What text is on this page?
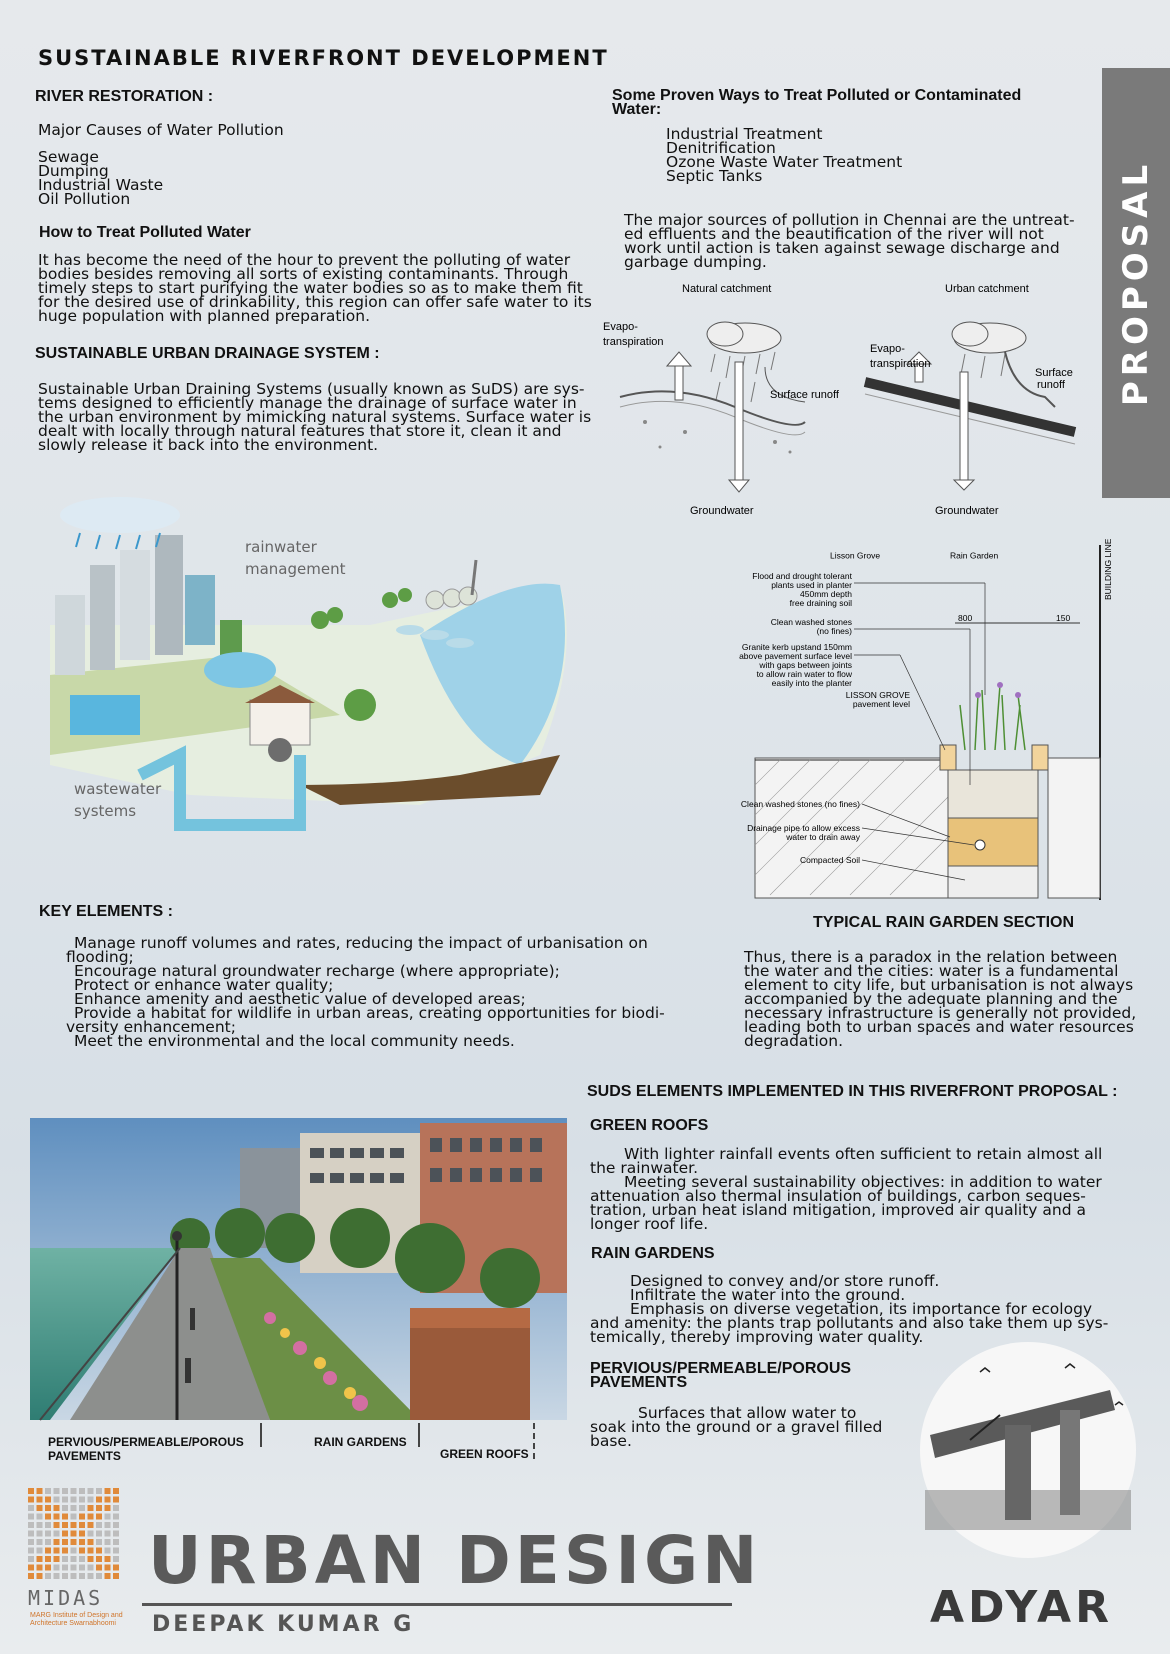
SUSTAINABLE RIVERFRONT DEVELOPMENT
PROPOSAL
RIVER RESTORATION :
Major Causes of Water Pollution
Sewage
Dumping
Industrial Waste
Oil Pollution
How to Treat Polluted Water
It has become the need of the hour to prevent the polluting of water
bodies besides removing all sorts of existing contaminants. Through
timely steps to start purifying the water bodies so as to make them fit
for the desired use of drinkability, this region can offer safe water to its
huge population with planned preparation.
SUSTAINABLE URBAN DRAINAGE SYSTEM :
Sustainable Urban Draining Systems (usually known as SuDS) are sys-
tems designed to efficiently manage the drainage of surface water in
the urban environment by mimicking natural systems. Surface water is
dealt with locally through natural features that store it, clean it and
slowly release it back into the environment.
Some Proven Ways to Treat Polluted or Contaminated
Water:
Industrial Treatment
Denitrification
Ozone Waste Water Treatment
Septic Tanks
The major sources of pollution in Chennai are the untreat-
ed effluents and the beautification of the river will not
work until action is taken against sewage discharge and
garbage dumping.
Natural catchment
Evapo-
transpiration
Surface runoff
Groundwater
Urban catchment
Evapo-
transpiration
Surface
runoff
Groundwater
rainwater
management
wastewater
systems
Lisson Grove	Rain Garden	BUILDING LINE
800	150
Flood and drought tolerant
plants used in planter
450mm depth
free draining soil
Clean washed stones
(no fines)
Granite kerb upstand 150mm
above pavement surface level
with gaps between joints
to allow rain water to flow
easily into the planter
LISSON GROVE
pavement level
Clean washed stones (no fines)
Drainage pipe to allow excess
water to drain away
Compacted Soil
TYPICAL RAIN GARDEN SECTION
KEY ELEMENTS :
Manage runoff volumes and rates, reducing the impact of urbanisation on
flooding;
Encourage natural groundwater recharge (where appropriate);
Protect or enhance water quality;
Enhance amenity and aesthetic value of developed areas;
Provide a habitat for wildlife in urban areas, creating opportunities for biodi-
versity enhancement;
Meet the environmental and the local community needs.
Thus, there is a paradox in the relation between
the water and the cities: water is a fundamental
element to city life, but urbanisation is not always
accompanied by the adequate planning and the
necessary infrastructure is generally not provided,
leading both to urban spaces and water resources
degradation.
SUDS ELEMENTS IMPLEMENTED IN THIS RIVERFRONT PROPOSAL :
GREEN ROOFS
With lighter rainfall events often sufficient to retain almost all
the rainwater.
Meeting several sustainability objectives: in addition to water
attenuation also thermal insulation of buildings, carbon seques-
tration, urban heat island mitigation, improved air quality and a
longer roof life.
RAIN GARDENS
Designed to convey and/or store runoff.
Infiltrate the water into the ground.
Emphasis on diverse vegetation, its importance for ecology
and amenity: the plants trap pollutants and also take them up sys-
temically, thereby improving water quality.
PERVIOUS/PERMEABLE/POROUS
PAVEMENTS
Surfaces that allow water to
soak into the ground or a gravel filled
base.
PERVIOUS/PERMEABLE/POROUS
PAVEMENTS
RAIN GARDENS
GREEN ROOFS
ADYAR
MIDAS
MARG Institute of Design and
Architecture Swarnabhoomi
URBAN DESIGN
DEEPAK KUMAR G
